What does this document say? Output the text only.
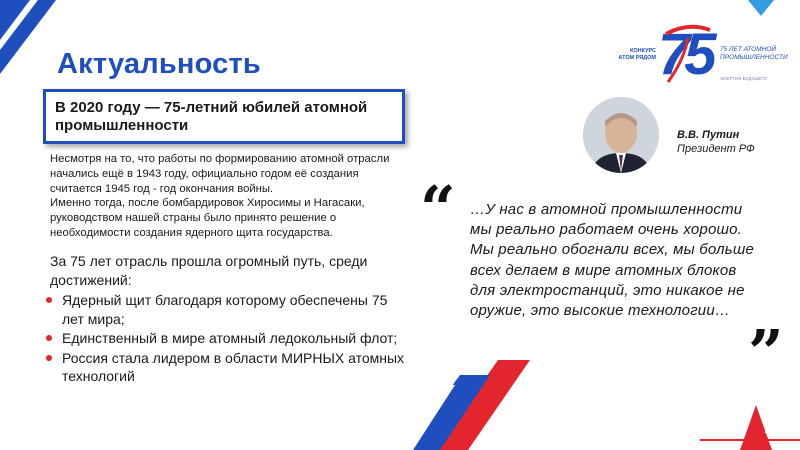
2
КОНКУРС АТОМ РЯДОМ 75 75 ЛЕТ АТОМНОЙ ПРОМЫШЛЕННОСТИ
ЭНЕРГИЯ БУДУЩЕГО
Актуальность
В 2020 году — 75-летний юбилей атомной промышленности

Несмотря на то, что работы по формированию атомной отрасли начались ещё в 1943 году, официально годом её создания считается 1945 год - год окончания войны.

Именно тогда, после бомбардировок Хиросимы и Нагасаки, руководством нашей страны было принято решение о необходимости создания ядерного щита государства.

За 75 лет отрасль прошла огромный путь, среди достижений:
Ядерный щит благодаря которому обеспечены 75 лет мира;
Единственный в мире атомный ледокольный флот;
Россия стала лидером в области МИРНЫХ атомных технологий
В.В. Путин
Президент РФ
“ …У нас в атомной промышленности мы реально работаем очень хорошо. Мы реально обогнали всех, мы больше всех делаем в мире атомных блоков для электростанций, это никакое не оружие, это высокие технологии…
”
